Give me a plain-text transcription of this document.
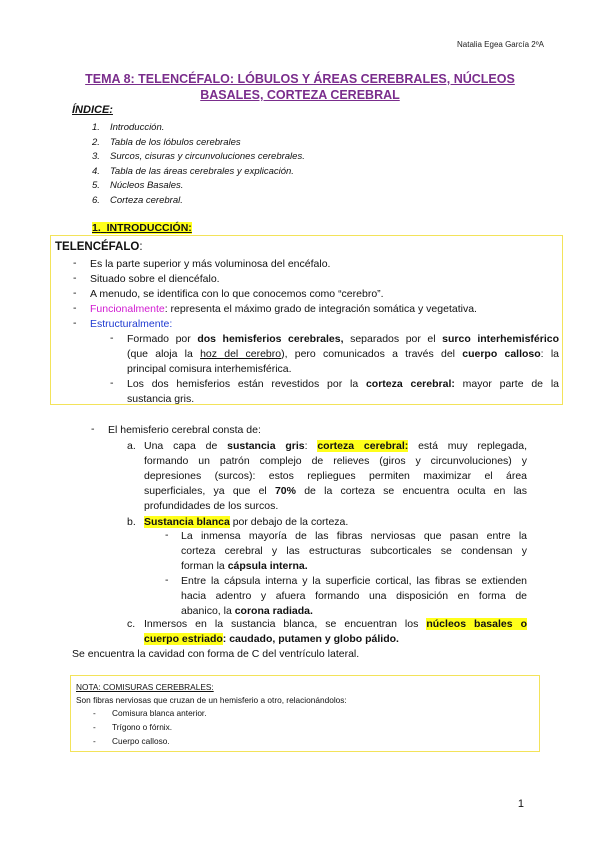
Natalia Egea García 2ºA
TEMA 8: TELENCÉFALO: LÓBULOS Y ÁREAS CEREBRALES, NÚCLEOS
BASALES, CORTEZA CEREBRAL
ÍNDICE:
1. Introducción.
2. Tabla de los lóbulos cerebrales
3. Surcos, cisuras y circunvoluciones cerebrales.
4. Tabla de las áreas cerebrales y explicación.
5. Núcleos Basales.
6. Corteza cerebral.
1. INTRODUCCIÓN:
TELENCÉFALO:
- Es la parte superior y más voluminosa del encéfalo.
- Situado sobre el diencéfalo.
- A menudo, se identifica con lo que conocemos como “cerebro”.
- Funcionalmente: representa el máximo grado de integración somática y vegetativa.
- Estructuralmente:
- Formado por dos hemisferios cerebrales, separados por el surco interhemisférico
(que aloja la hoz del cerebro), pero comunicados a través del cuerpo calloso: la
principal comisura interhemisférica.
- Los dos hemisferios están revestidos por la corteza cerebral: mayor parte de la
sustancia gris.
- El hemisferio cerebral consta de:
a. Una capa de sustancia gris: corteza cerebral: está muy replegada,
formando un patrón complejo de relieves (giros y circunvoluciones) y
depresiones (surcos): estos repliegues permiten maximizar el área
superficiales, ya que el 70% de la corteza se encuentra oculta en las
profundidades de los surcos.
b. Sustancia blanca por debajo de la corteza.
- La inmensa mayoría de las fibras nerviosas que pasan entre la
corteza cerebral y las estructuras subcorticales se condensan y
forman la cápsula interna.
- Entre la cápsula interna y la superficie cortical, las fibras se extienden
hacia adentro y afuera formando una disposición en forma de
abanico, la corona radiada.
c. Inmersos en la sustancia blanca, se encuentran los núcleos basales o
cuerpo estriado: caudado, putamen y globo pálido.
Se encuentra la cavidad con forma de C del ventrículo lateral.
NOTA: COMISURAS CEREBRALES:
Son fibras nerviosas que cruzan de un hemisferio a otro, relacionándolos:
- Comisura blanca anterior.
- Trígono o fórnix.
- Cuerpo calloso.
1
